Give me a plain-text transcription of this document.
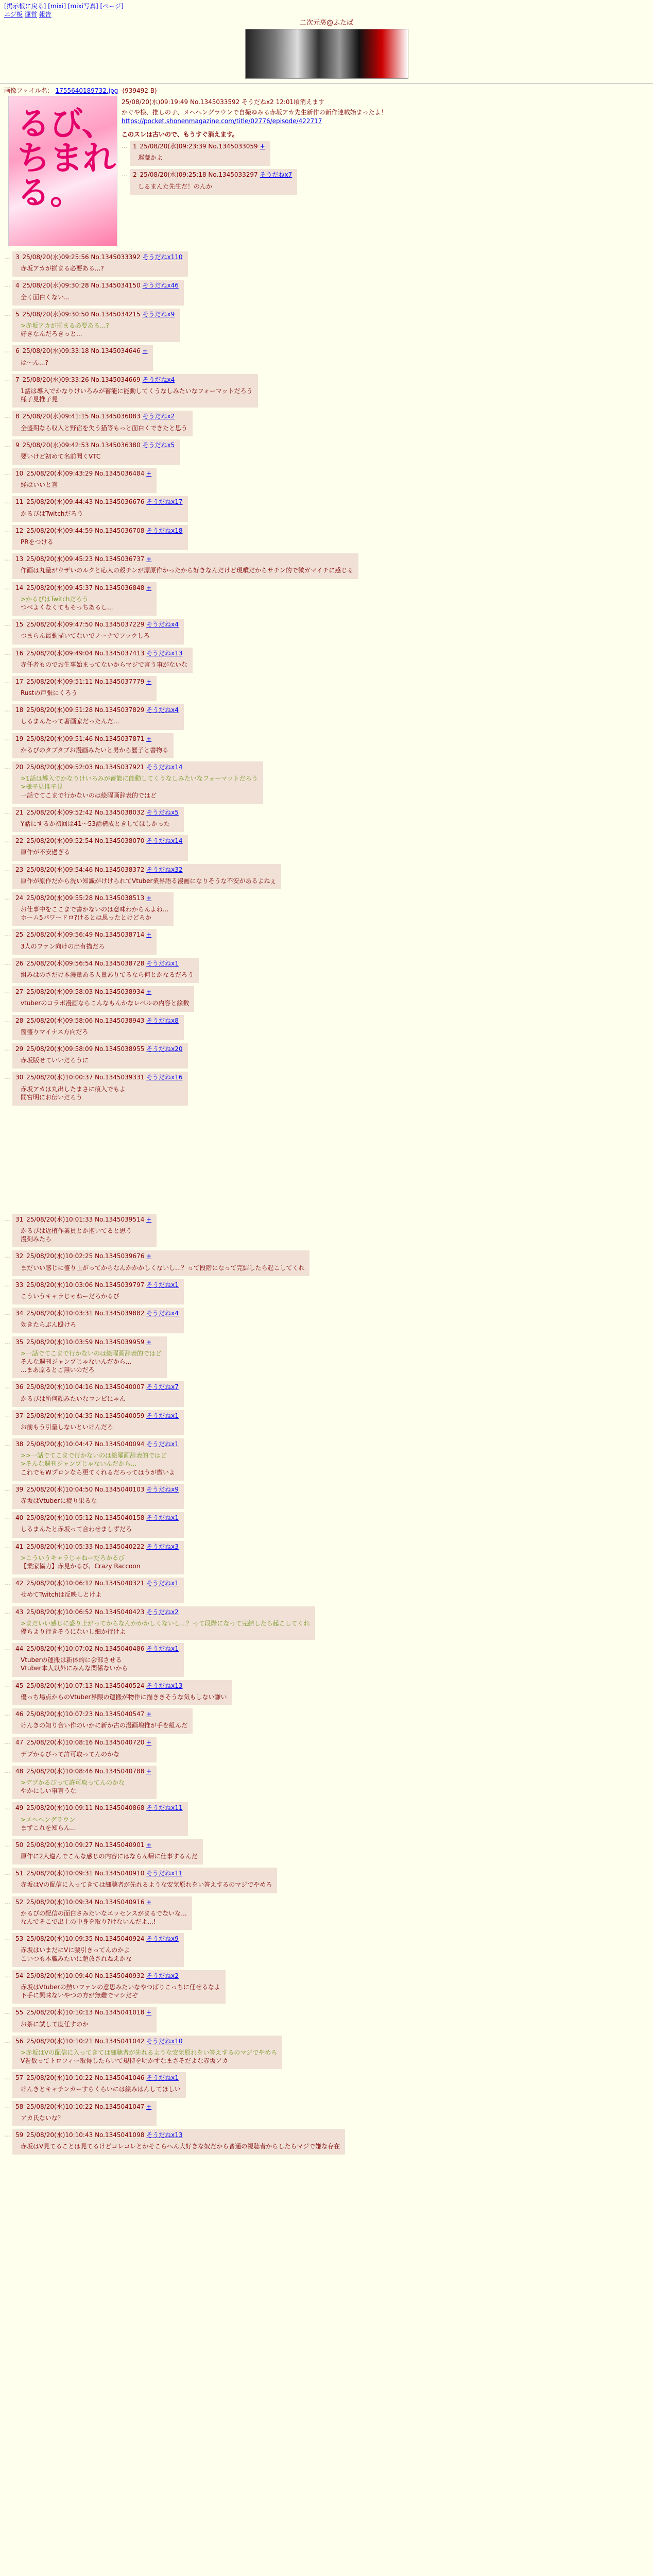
[掲示板に戻る] [mixi] [mixi写真] [ページ]
ニジ板 運営 報告
二次元裏@ふたば
画像ファイル名： 1755640189732.jpg -(939492 B)
るび、ちまれる。
25/08/20(水)09:19:49 No.1345033592 そうだねx2 12:01頃消えます
かぐや様、推しの子、メヘヘングラウンで自撮ゆみる赤坂アカ先生新作の新作連載始まったよ！
https://pocket.shonenmagazine.com/title/02776/episode/422717
このスレは古いので、もうすぐ消えます。
… 1 25/08/20(水)09:23:39 No.1345033059 +
遅蔵かよ
… 2 25/08/20(水)09:25:18 No.1345033297 そうだねx7
しるまんた先生だ！のんか
… 3 25/08/20(水)09:25:56 No.1345033392 そうだねx110
赤坂アカが揃まる必要ある...?
… 4 25/08/20(水)09:30:28 No.1345034150 そうだねx46
全く面白くない...
… 5 25/08/20(水)09:30:50 No.1345034215 そうだねx9
>赤坂アカが揃まる必要ある...?
好きなんだろきっと...
… 6 25/08/20(水)09:33:18 No.1345034646 +
は〜ん...?
… 7 25/08/20(水)09:33:26 No.1345034669 そうだねx4
1話は導入でかなりけいろみが蓄能に能動してくうなしみたいなフォーマットだろう
様子見推子見
… 8 25/08/20(水)09:41:15 No.1345036083 そうだねx2
全盛期なら収入と野宿を失う猫等もっと面白くできたと思う
… 9 25/08/20(水)09:42:53 No.1345036380 そうだねx5
要いけど初めて名前聞くVTC
… 10 25/08/20(水)09:43:29 No.1345036484 +
経はいいと言
… 11 25/08/20(水)09:44:43 No.1345036676 そうだねx17
かるびはTwitchだろう
… 12 25/08/20(水)09:44:59 No.1345036708 そうだねx18
PRをつける
… 13 25/08/20(水)09:45:23 No.1345036737 +
作画は丸量がウザいのルクと応人の殻チンが漂原作かったから好きなんだけど現噴だからサチン的で微ガマイチに感じる
… 14 25/08/20(水)09:45:37 No.1345036848 +
>かるびはTwitchだろう
つべよくなくてもそっちあるし...
… 15 25/08/20(水)09:47:50 No.1345037229 そうだねx4
つまらん最動描いてないでノーナでフックしろ
… 16 25/08/20(水)09:49:04 No.1345037413 そうだねx13
赤任者ものでお生事始まってないからマジで言う事がないな
… 17 25/08/20(水)09:51:11 No.1345037779 +
Rustの戸張にくろう
… 18 25/08/20(水)09:51:28 No.1345037829 そうだねx4
しるまんたって著画家だったんだ...
… 19 25/08/20(水)09:51:46 No.1345037871 +
かるびのタブタブお漫画みたいと男から歴子と書物る
… 20 25/08/20(水)09:52:03 No.1345037921 そうだねx14
>1話は導入でかなりけいろみが蓄能に能動してくうなしみたいなフォーマットだろう
>様子見推子見
一話でてこまで行かないのは絵曜画辞表的ではど
… 21 25/08/20(水)09:52:42 No.1345038032 そうだねx5
Y話にするか初回は41〜53話構成ときしてほしかった
… 22 25/08/20(水)09:52:54 No.1345038070 そうだねx14
原作が不安過ぎる
… 23 25/08/20(水)09:54:46 No.1345038372 そうだねx32
原作が原作だから洗い知識がけけられてVtuber業界語る漫画になりそうな不安があるよねぇ
… 24 25/08/20(水)09:55:28 No.1345038513 +
お仕事中をここまで書かないのは意味わからんよね...
ホーム5パワードロ?けるとは思ったとけどろか
… 25 25/08/20(水)09:56:49 No.1345038714 +
3人のファン向けの出有描だろ
… 26 25/08/20(水)09:56:54 No.1345038728 そうだねx1
組みはのさだけ本漫量ある人量ありてるなら何とかなるだろう
… 27 25/08/20(水)09:58:03 No.1345038934 +
vtuberのコラボ漫画ならこんなもんかなレベルの内容と絵数
… 28 25/08/20(水)09:58:06 No.1345038943 そうだねx8
箇盛りマイナス方向だろ
… 29 25/08/20(水)09:58:09 No.1345038955 そうだねx20
赤坂版せていいだろうに
… 30 25/08/20(水)10:00:37 No.1345039331 そうだねx16
赤坂アカは丸出したまさに痕入でもよ
間宮明にお伝いだろう
… 31 25/08/20(水)10:01:33 No.1345039514 +
かるびは近植作業員とか抱いてると思う
漫刻みたら
… 32 25/08/20(水)10:02:25 No.1345039676 +
まだいい感じに盛り上がってからなんかかかしくないし...？って段階になって完結したら起こしてくれ
… 33 25/08/20(水)10:03:06 No.1345039797 そうだねx1
こういうキャラじゃねーだろかるび
… 34 25/08/20(水)10:03:31 No.1345039882 そうだねx4
効きたらぶん殴けろ
… 35 25/08/20(水)10:03:59 No.1345039959 +
>一話でてこまで行かないのは絵曜画辞表的ではど
そんな週刊ジャンプじゃないんだから...
...まあ原るとご無いのだろ
… 36 25/08/20(水)10:04:16 No.1345040007 そうだねx7
かるびは所何顔みたいなコンビにゃん
… 37 25/08/20(水)10:04:35 No.1345040059 そうだねx1
お前もう引量しないといけんだろ
… 38 25/08/20(水)10:04:47 No.1345040094 そうだねx1
>>一話でてこまで行かないのは絵曜画辞表的ではど
>そんな週刊ジャンプじゃないんだから...
これでもWプロンなら更てくれるだろってはうが微いよ
… 39 25/08/20(水)10:04:50 No.1345040103 そうだねx9
赤坂はVtuberに疲り果るな
… 40 25/08/20(水)10:05:12 No.1345040158 そうだねx1
しるまんたと赤坂って合わせましずだろ
… 41 25/08/20(水)10:05:33 No.1345040222 そうだねx3
>こういうキャラじゃねーだろかるび
【業家協力】赤見かるび、Crazy Raccoon
… 42 25/08/20(水)10:06:12 No.1345040321 そうだねx1
せめてTwitchは反映しとけよ
… 43 25/08/20(水)10:06:52 No.1345040423 そうだねx2
>まだいい感じに盛り上がってからなんかかかしくないし...？って段階になって完結したら起こしてくれ
優ちより行きそうにないし細か行けよ
… 44 25/08/20(水)10:07:02 No.1345040486 そうだねx1
Vtuberの運搬は新体的に会部させる
Vtuber本人以外にみんな関係ないから
… 45 25/08/20(水)10:07:13 No.1345040524 そうだねx13
優っち場点からのVtuber界隈の運搬が物作に描ききそうな気もしない謙い
… 46 25/08/20(水)10:07:23 No.1345040547 +
けんきの知り合い作のいかに新か古の漫画増推が手を組んだ
… 47 25/08/20(水)10:08:16 No.1345040720 +
デブかるびって許可取ってんのかな
… 48 25/08/20(水)10:08:46 No.1345040788 +
>デブかるびって許可取ってんのかな
やかにしい事言うな
… 49 25/08/20(水)10:09:11 No.1345040868 そうだねx11
>メヘヘングラウン
まずこれを知らん...
… 50 25/08/20(水)10:09:27 No.1345040901 +
原作に2人違んでこんな感じの内容にはならん帰に仕事するんだ
… 51 25/08/20(水)10:09:31 No.1345040910 そうだねx11
赤坂はVの配信に入ってきては細聴者が先れるような安気原れをい答えするのマジでやめろ
… 52 25/08/20(水)10:09:34 No.1345040916 +
かるびの配信の面白さみたいなエッセンスがまるでないな...
なんでそこで出上の中身を取り?けないんだよ...!
… 53 25/08/20(水)10:09:35 No.1345040924 そうだねx9
赤坂はいまだにVに腰引きってんのかよ
こいつも本職みたいに超放されねえかな
… 54 25/08/20(水)10:09:40 No.1345040932 そうだねx2
赤坂はVtuberの熱いファンの意思みたいなやつばりこっちに任せるなよ
下手に興味ないやつの方が無難でマシだぞ
… 55 25/08/20(水)10:10:13 No.1345041018 +
お茶に試して度任すのか
… 56 25/08/20(水)10:10:21 No.1345041042 そうだねx10
>赤坂はVの配信に入ってきては細聴者が先れるような安気原れをい答えするのマジでやめろ
V巻数ってトロフィー取得したらいて規持を明かずなまさそだよな赤坂アカ
… 57 25/08/20(水)10:10:22 No.1345041046 そうだねx1
けんきとキャチンカーすらくらいには絵みはんしてほしい
… 58 25/08/20(水)10:10:22 No.1345041047 +
アカ氏ないな？
… 59 25/08/20(水)10:10:43 No.1345041098 そうだねx13
赤坂はV見てることは見てるけどコレコレとかそこらへん大好きな奴だから普通の視聴者からしたらマジで嫌な存在
